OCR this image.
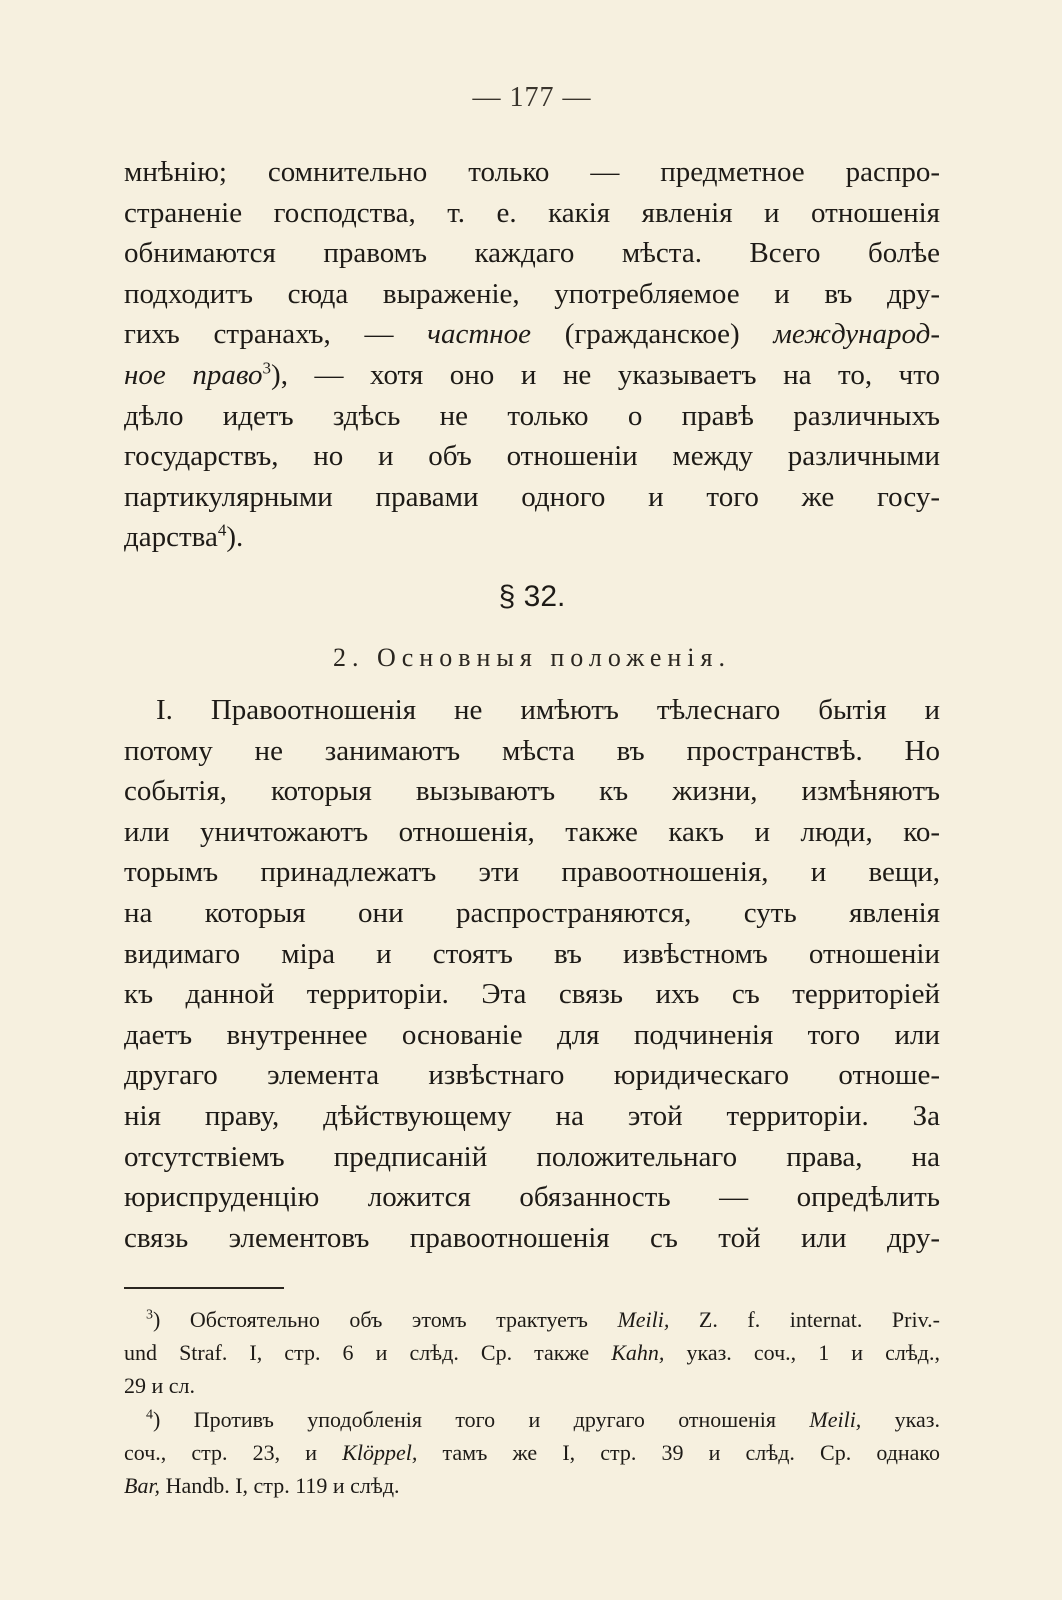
— 177 —
мнѣнію; сомнительно только — предметное распро-
страненіе господства, т. е. какія явленія и отношенія
обнимаются правомъ каждаго мѣста. Всего болѣе
подходитъ сюда выраженіе, употребляемое и въ дру-
гихъ странахъ, — частное (гражданское) международ-
ное право$^3$), — хотя оно и не указываетъ на то, что
дѣло идетъ здѣсь не только о правѣ различныхъ
государствъ, но и объ отношеніи между различными
партикулярными правами одного и того же госу-
дарства$^4$).
§ 32.
2. Основныя положенія.
I. Правоотношенія не имѣютъ тѣлеснаго бытія и
потому не занимаютъ мѣста въ пространствѣ. Но
событія, которыя вызываютъ къ жизни, измѣняютъ
или уничтожаютъ отношенія, также какъ и люди, ко-
торымъ принадлежатъ эти правоотношенія, и вещи,
на которыя они распространяются, суть явленія
видимаго міра и стоятъ въ извѣстномъ отношеніи
къ данной территоріи. Эта связь ихъ съ территоріей
даетъ внутреннее основаніе для подчиненія того или
другаго элемента извѣстнаго юридическаго отноше-
нія праву, дѣйствующему на этой территоріи. За
отсутствіемъ предписаній положительнаго права, на
юриспруденцію ложится обязанность — опредѣлить
связь элементовъ правоотношенія съ той или дру-
$^3$) Обстоятельно объ этомъ трактуетъ Meili, Z. f. internat. Priv.-
und Straf. I, стр. 6 и слѣд. Ср. также Kahn, указ. соч., 1 и слѣд.,
29 и сл.
$^4$) Противъ уподобленія того и другаго отношенія Meili, указ.
соч., стр. 23, и Klöppel, тамъ же I, стр. 39 и слѣд. Ср. однако
Bar, Handb. I, стр. 119 и слѣд.
